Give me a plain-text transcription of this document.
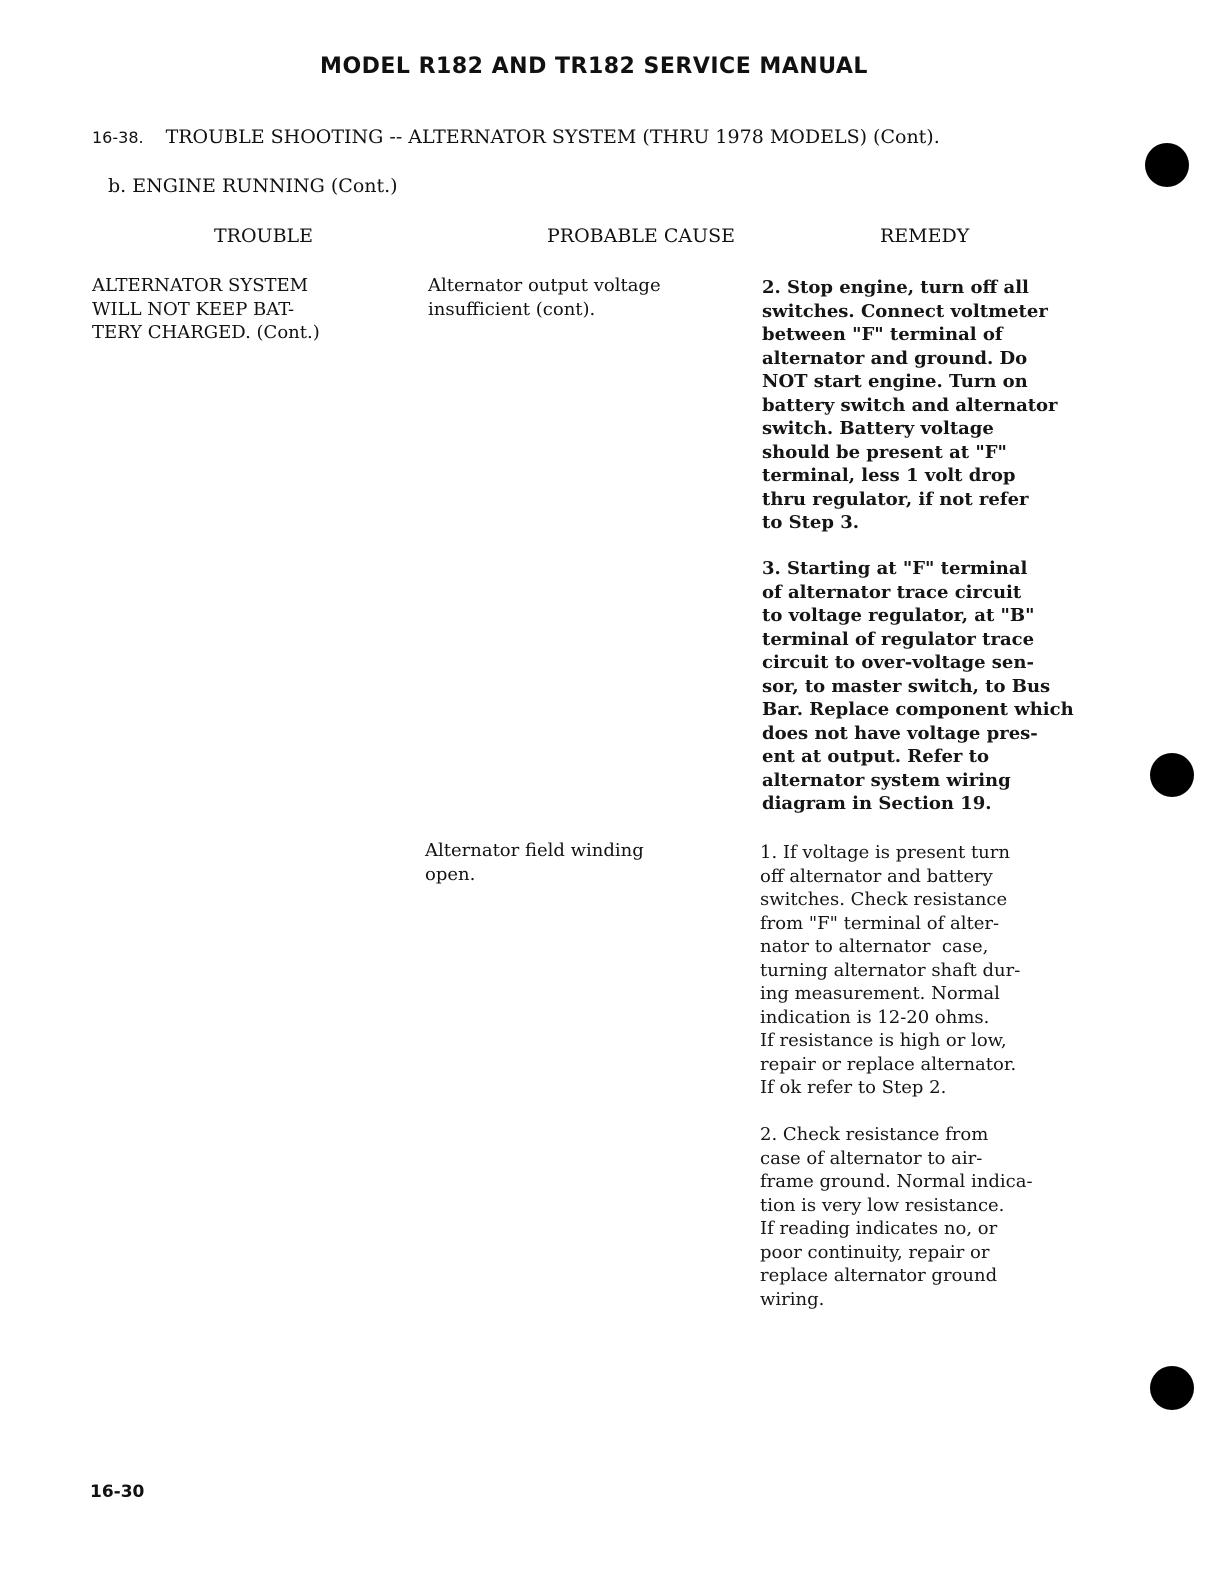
MODEL R182 AND TR182 SERVICE MANUAL
16-38. TROUBLE SHOOTING -- ALTERNATOR SYSTEM (THRU 1978 MODELS) (Cont).
b. ENGINE RUNNING (Cont.)
TROUBLE	PROBABLE CAUSE	REMEDY
ALTERNATOR SYSTEM
WILL NOT KEEP BAT-
TERY CHARGED. (Cont.)
Alternator output voltage
insufficient (cont).
2. Stop engine, turn off all
switches. Connect voltmeter
between "F" terminal of
alternator and ground. Do
NOT start engine. Turn on
battery switch and alternator
switch. Battery voltage
should be present at "F"
terminal, less 1 volt drop
thru regulator, if not refer
to Step 3.
3. Starting at "F" terminal
of alternator trace circuit
to voltage regulator, at "B"
terminal of regulator trace
circuit to over-voltage sen-
sor, to master switch, to Bus
Bar. Replace component which
does not have voltage pres-
ent at output. Refer to
alternator system wiring
diagram in Section 19.
Alternator field winding
open.
1. If voltage is present turn
off alternator and battery
switches. Check resistance
from "F" terminal of alter-
nator to alternator  case,
turning alternator shaft dur-
ing measurement. Normal
indication is 12-20 ohms.
If resistance is high or low,
repair or replace alternator.
If ok refer to Step 2.
2. Check resistance from
case of alternator to air-
frame ground. Normal indica-
tion is very low resistance.
If reading indicates no, or
poor continuity, repair or
replace alternator ground
wiring.
16-30
